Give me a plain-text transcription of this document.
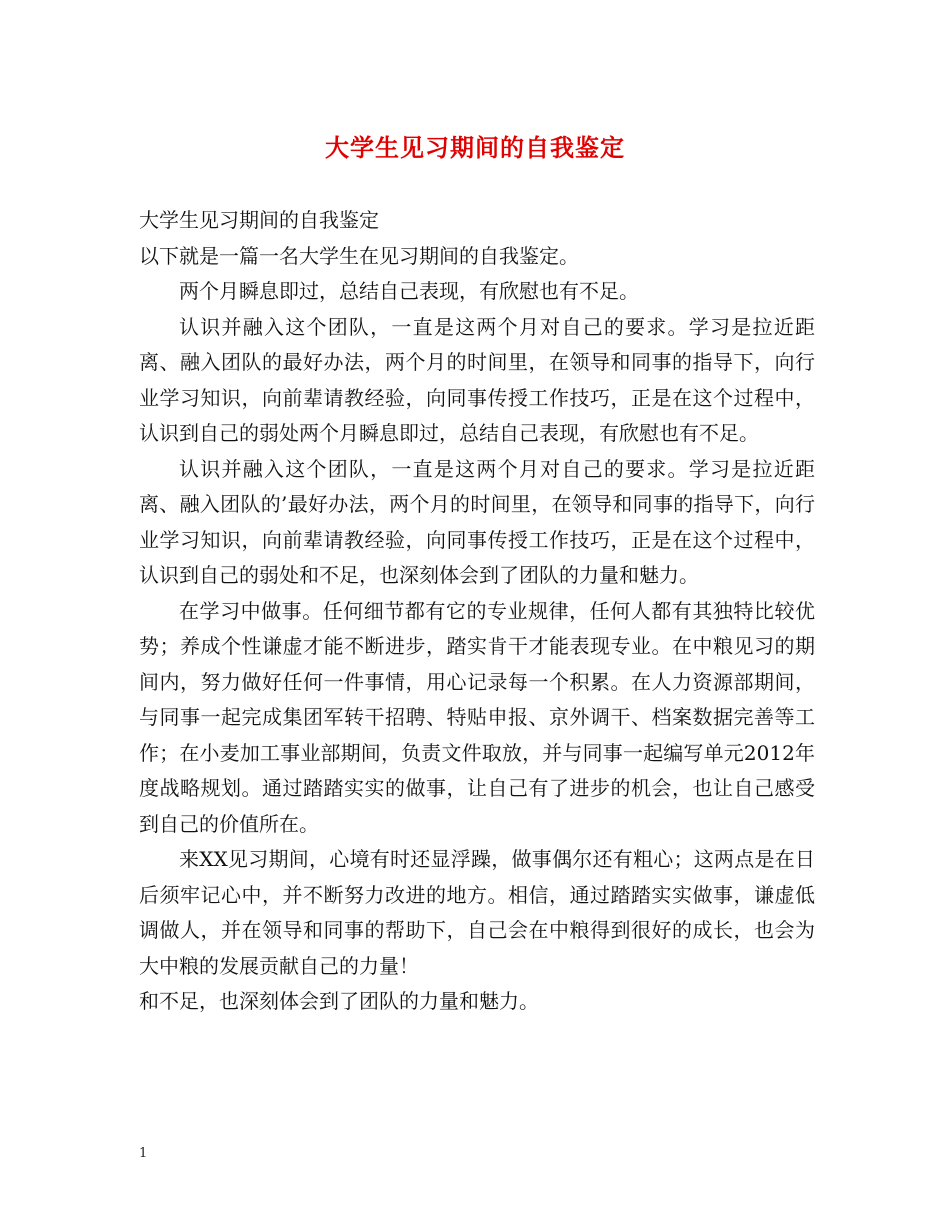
大学生见习期间的自我鉴定

大学生见习期间的自我鉴定

以下就是一篇一名大学生在见习期间的自我鉴定。

两个月瞬息即过，总结自己表现，有欣慰也有不足。

认识并融入这个团队，一直是这两个月对自己的要求。学习是拉近距离、融入团队的最好办法，两个月的时间里，在领导和同事的指导下，向行业学习知识，向前辈请教经验，向同事传授工作技巧，正是在这个过程中，认识到自己的弱处两个月瞬息即过，总结自己表现，有欣慰也有不足。

认识并融入这个团队，一直是这两个月对自己的要求。学习是拉近距离、融入团队的’最好办法，两个月的时间里，在领导和同事的指导下，向行业学习知识，向前辈请教经验，向同事传授工作技巧，正是在这个过程中，认识到自己的弱处和不足，也深刻体会到了团队的力量和魅力。

在学习中做事。任何细节都有它的专业规律，任何人都有其独特比较优势；养成个性谦虚才能不断进步，踏实肯干才能表现专业。在中粮见习的期间内，努力做好任何一件事情，用心记录每一个积累。在人力资源部期间，与同事一起完成集团军转干招聘、特贴申报、京外调干、档案数据完善等工作；在小麦加工事业部期间，负责文件取放，并与同事一起编写单元2012年度战略规划。通过踏踏实实的做事，让自己有了进步的机会，也让自己感受到自己的价值所在。

来XX见习期间，心境有时还显浮躁，做事偶尔还有粗心；这两点是在日后须牢记心中，并不断努力改进的地方。相信，通过踏踏实实做事，谦虚低调做人，并在领导和同事的帮助下，自己会在中粮得到很好的成长，也会为大中粮的发展贡献自己的力量！

和不足，也深刻体会到了团队的力量和魅力。

1
